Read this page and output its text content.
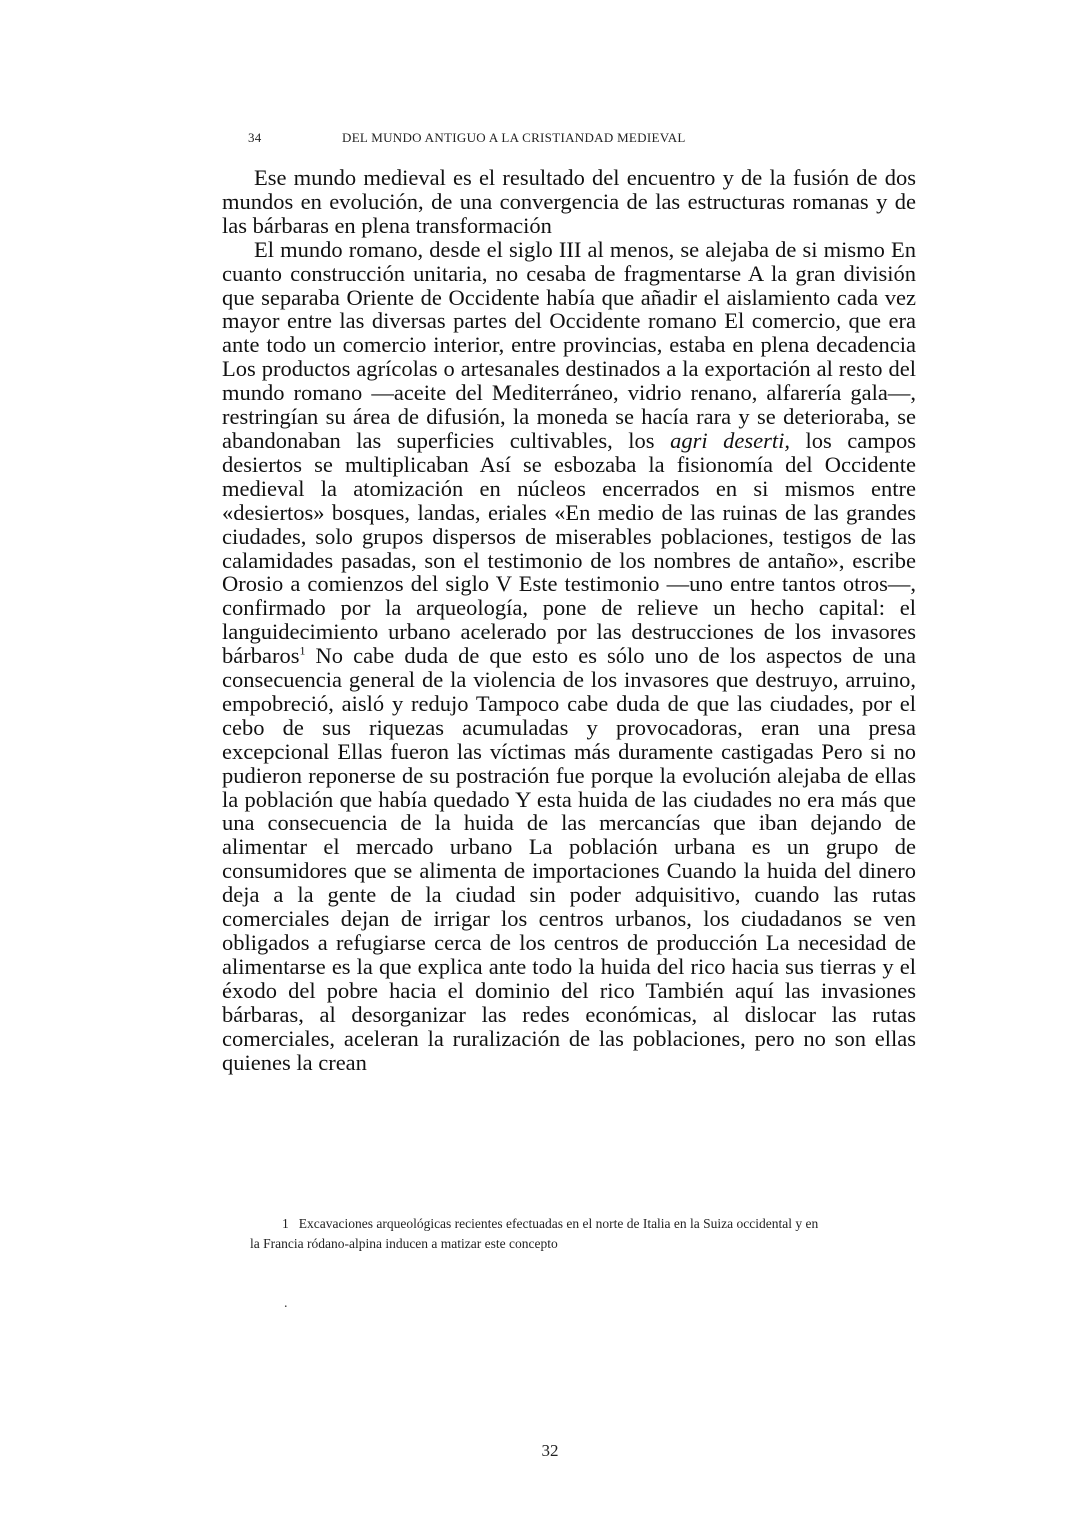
34	DEL MUNDO ANTIGUO A LA CRISTIANDAD MEDIEVAL

Ese mundo medieval es el resultado del encuentro y de la fusión de dos mundos en evolución, de una convergencia de las estructuras romanas y de las bárbaras en plena transformación

El mundo romano, desde el siglo III al menos, se alejaba de si mismo En cuanto construcción unitaria, no cesaba de fragmentarse A la gran división que separaba Oriente de Occidente había que añadir el aislamiento cada vez mayor entre las diversas partes del Occidente romano El comercio, que era ante todo un comercio interior, entre provincias, estaba en plena decadencia Los productos agrícolas o artesanales destinados a la exportación al resto del mundo romano —aceite del Mediterráneo, vidrio renano, alfarería gala—, restringían su área de difusión, la moneda se hacía rara y se deterioraba, se abandonaban las superficies cultivables, los agri deserti, los campos desiertos se multiplicaban Así se esbozaba la fisionomía del Occidente medieval la atomización en núcleos encerrados en si mismos entre «desiertos» bosques, landas, eriales «En medio de las ruinas de las grandes ciudades, solo grupos dispersos de miserables poblaciones, testigos de las calamidades pasadas, son el testimonio de los nombres de antaño», escribe Orosio a comienzos del siglo V Este testimonio —uno entre tantos otros—, confirmado por la arqueología, pone de relieve un hecho capital: el languidecimiento urbano acelerado por las destrucciones de los invasores bárbaros$^1$ No cabe duda de que esto es sólo uno de los aspectos de una consecuencia general de la violencia de los invasores que destruyo, arruino, empobreció, aisló y redujo Tampoco cabe duda de que las ciudades, por el cebo de sus riquezas acumuladas y provocadoras, eran una presa excepcional Ellas fueron las víctimas más duramente castigadas Pero si no pudieron reponerse de su postración fue porque la evolución alejaba de ellas la población que había quedado Y esta huida de las ciudades no era más que una consecuencia de la huida de las mercancías que iban dejando de alimentar el mercado urbano La población urbana es un grupo de consumidores que se alimenta de importaciones Cuando la huida del dinero deja a la gente de la ciudad sin poder adquisitivo, cuando las rutas comerciales dejan de irrigar los centros urbanos, los ciudadanos se ven obligados a refugiarse cerca de los centros de producción La necesidad de alimentarse es la que explica ante todo la huida del rico hacia sus tierras y el éxodo del pobre hacia el dominio del rico También aquí las invasiones bárbaras, al desorganizar las redes económicas, al dislocar las rutas comerciales, aceleran la ruralización de las poblaciones, pero no son ellas quienes la crean

1 Excavaciones arqueológicas recientes efectuadas en el norte de Italia en la Suiza occidental y en la Francia ródano-alpina inducen a matizar este concepto
.
32
